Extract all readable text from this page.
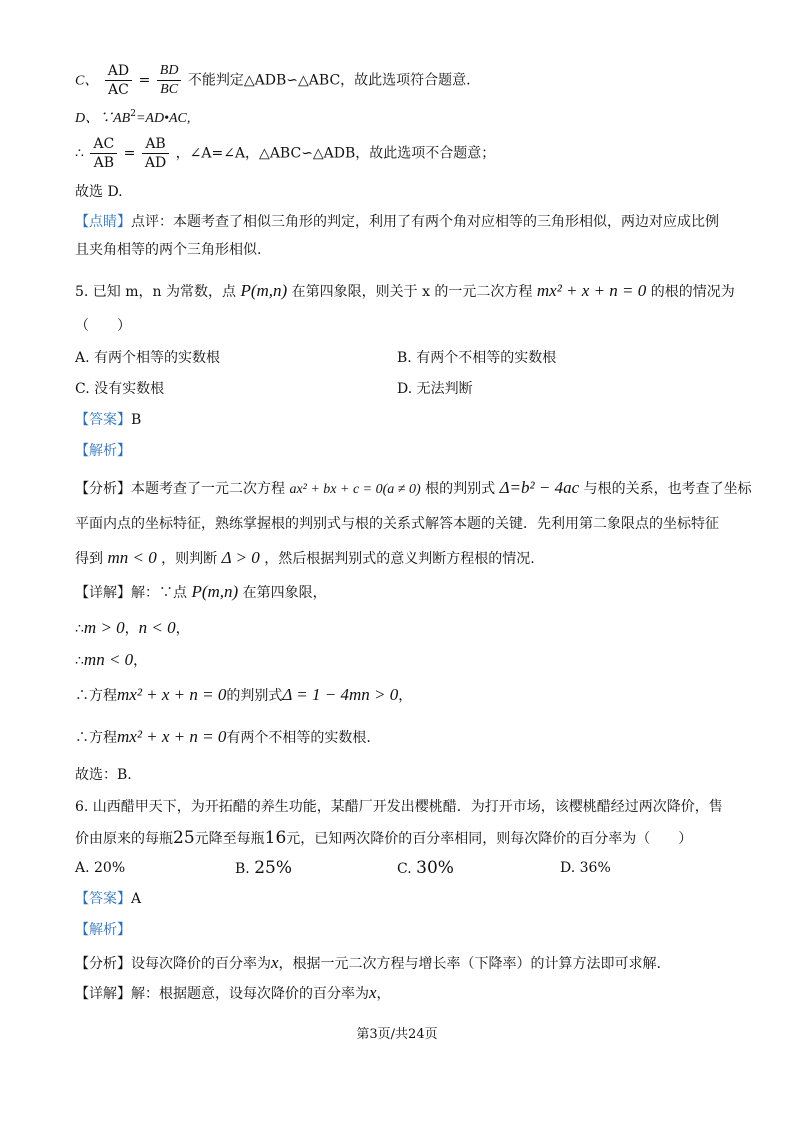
C、 $\frac{AD}{AC} = \frac{BD}{BC}$ 不能判定△ADB∽△ABC，故此选项符合题意.
D、$\because AB^2=AD•AC$,
∴ $\frac{AC}{AB} = \frac{AB}{AD}$ ，∠A=∠A，△ABC∽△ADB，故此选项不合题意；
故选 D.
【点睛】点评：本题考查了相似三角形的判定，利用了有两个角对应相等的三角形相似，两边对应成比例
且夹角相等的两个三角形相似.
5. 已知 m，n 为常数，点 P(m,n) 在第四象限，则关于 x 的一元二次方程 mx² + x + n = 0 的根的情况为
（　　）
A. 有两个相等的实数根	B. 有两个不相等的实数根
C. 没有实数根	D. 无法判断
【答案】B
【解析】
【分析】本题考查了一元二次方程 ax² + bx + c = 0(a ≠ 0) 根的判别式 Δ=b² − 4ac 与根的关系，也考查了坐标
平面内点的坐标特征，熟练掌握根的判别式与根的关系式解答本题的关键．先利用第二象限点的坐标特征
得到 mn < 0 ，则判断 Δ > 0 ，然后根据判别式的意义判断方程根的情况.
【详解】解：∵点 P(m,n) 在第四象限，
∴m > 0，n < 0，
∴mn < 0，
∴方程mx² + x + n = 0的判别式Δ = 1 − 4mn > 0，
∴方程mx² + x + n = 0有两个不相等的实数根.
故选：B.
6. 山西醋甲天下，为开拓醋的养生功能，某醋厂开发出樱桃醋．为打开市场，该樱桃醋经过两次降价，售
价由原来的每瓶25元降至每瓶16元，已知两次降价的百分率相同，则每次降价的百分率为（　　）
A. 20%	B. 25%	C. 30%	D. 36%
【答案】A
【解析】
【分析】设每次降价的百分率为x，根据一元二次方程与增长率（下降率）的计算方法即可求解.
【详解】解：根据题意，设每次降价的百分率为x，
第3页/共24页
